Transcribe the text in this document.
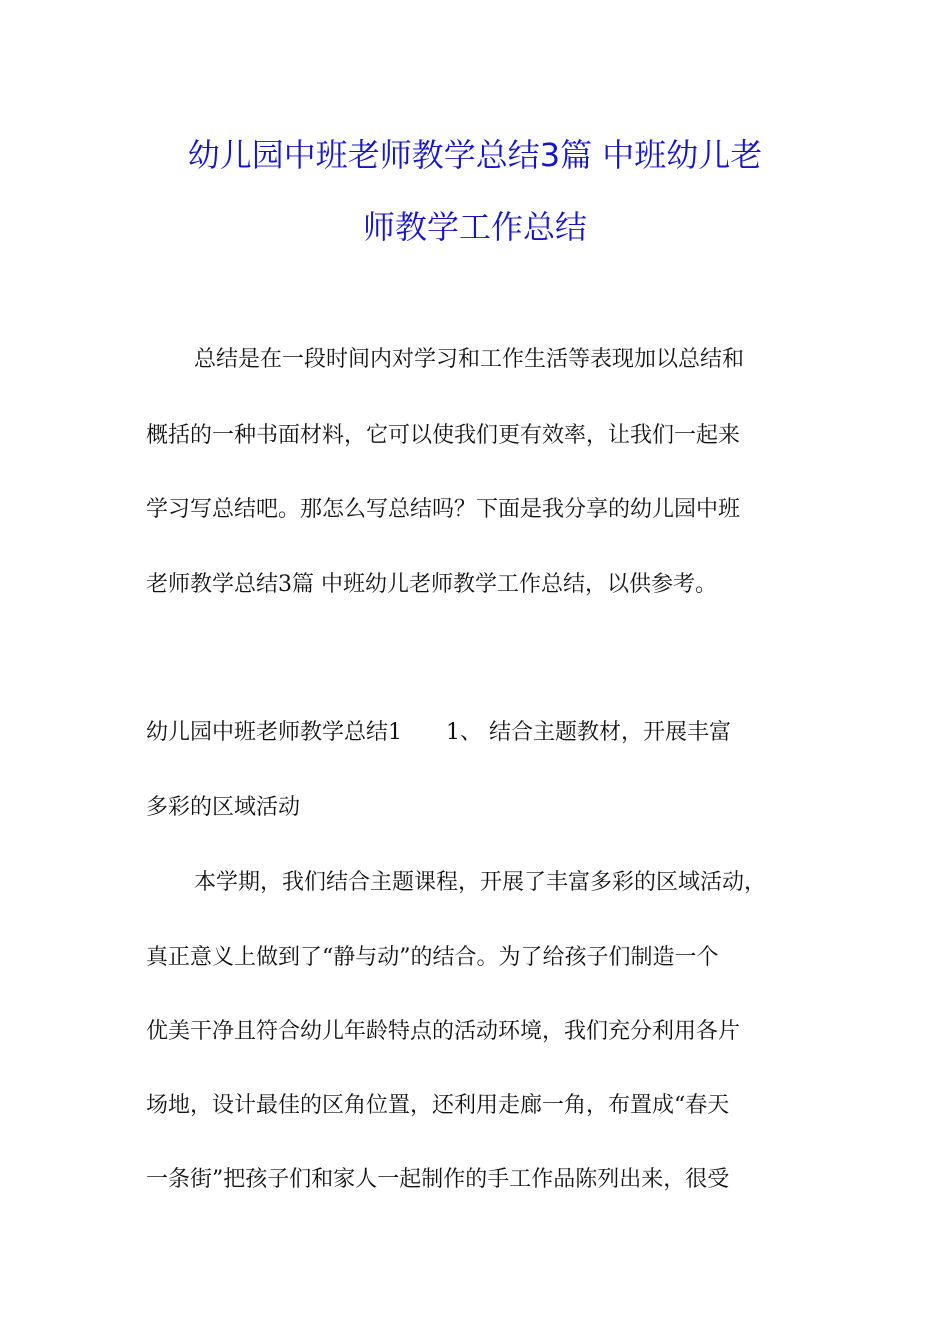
幼儿园中班老师教学总结3篇 中班幼儿老
师教学工作总结
总结是在一段时间内对学习和工作生活等表现加以总结和
概括的一种书面材料，它可以使我们更有效率，让我们一起来
学习写总结吧。那怎么写总结吗？下面是我分享的幼儿园中班
老师教学总结3篇 中班幼儿老师教学工作总结，以供参考。
幼儿园中班老师教学总结1 1、 结合主题教材，开展丰富
多彩的区域活动
本学期，我们结合主题课程，开展了丰富多彩的区域活动，
真正意义上做到了“静与动”的结合。为了给孩子们制造一个
优美干净且符合幼儿年龄特点的活动环境，我们充分利用各片
场地，设计最佳的区角位置，还利用走廊一角，布置成“春天
一条街”把孩子们和家人一起制作的手工作品陈列出来，很受
